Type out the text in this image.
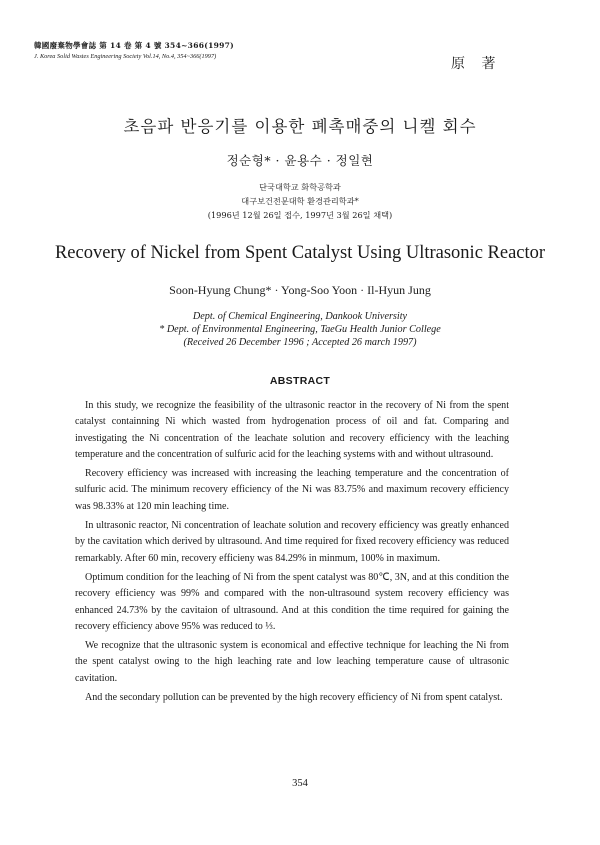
韓國廢棄物學會誌 第 14 卷 第 4 號 354~366(1997)
J. Korea Solid Wastes Engineering Society Vol.14, No.4, 354~366(1997)	原 著
초음파 반응기를 이용한 폐촉매중의 니켈 회수
정순형* · 윤용수 · 정일현
단국대학교 화학공학과
대구보건전문대학 환경관리학과*
(1996년 12월 26일 접수, 1997년 3월 26일 채택)
Recovery of Nickel from Spent Catalyst Using Ultrasonic Reactor
Soon-Hyung Chung* · Yong-Soo Yoon · Il-Hyun Jung
Dept. of Chemical Engineering, Dankook University
* Dept. of Environmental Engineering, TaeGu Health Junior College
(Received 26 December 1996 ; Accepted 26 march 1997)
ABSTRACT

In this study, we recognize the feasibility of the ultrasonic reactor in the recovery of Ni from the spent catalyst containning Ni which wasted from hydrogenation process of oil and fat. Comparing and investigating the Ni concentration of the leachate solution and recovery efficiency with the leaching temperature and the concentration of sulfuric acid for the leaching systems with and without ultrasound.

Recovery efficiency was increased with increasing the leaching temperature and the concentration of sulfuric acid. The minimum recovery efficiency of the Ni was 83.75% and maximum recovery efficiency was 98.33% at 120 min leaching time.

In ultrasonic reactor, Ni concentration of leachate solution and recovery efficiency was greatly enhanced by the cavitation which derived by ultrasound. And time required for fixed recovery efficiency was reduced remarkably. After 60 min, recovery efficieny was 84.29% in minmum, 100% in maximum.

Optimum condition for the leaching of Ni from the spent catalyst was 80℃, 3N, and at this condition the recovery efficiency was 99% and compared with the non-ultrasound system recovery efficiency was enhanced 24.73% by the cavitaion of ultrasound. And at this condition the time required for gaining the recovery efficiency above 95% was reduced to ⅓.

We recognize that the ultrasonic system is economical and effective technique for leaching the Ni from the spent catalyst owing to the high leaching rate and low leaching temperature cause of ultrasonic cavitation.

And the secondary pollution can be prevented by the high recovery efficiency of Ni from spent catalyst.

354
